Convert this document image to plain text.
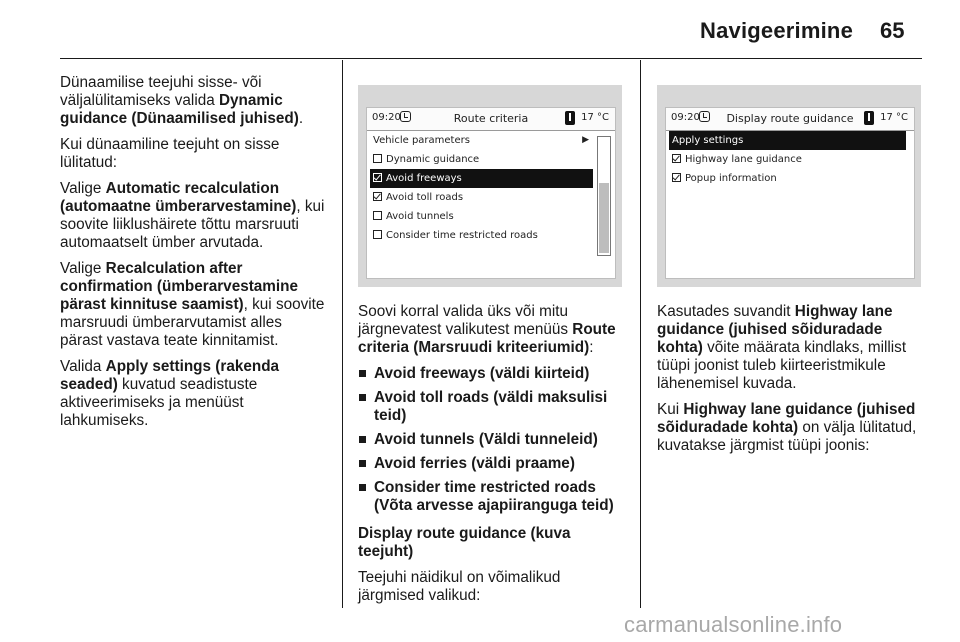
Navigeerimine 65

Dünaamilise teejuhi sisse- või väljalülitamiseks valida Dynamic guidance (Dünaamilised juhised).

Kui dünaamiline teejuht on sisse lülitatud:

Valige Automatic recalculation (automaatne ümberarvestamine), kui soovite liiklushäirete tõttu marsruuti automaatselt ümber arvutada.

Valige Recalculation after confirmation (ümberarvestamine pärast kinnituse saamist), kui soovite marsruudi ümberarvutamist alles pärast vastava teate kinnitamist.

Valida Apply settings (rakenda seaded) kuvatud seadistuste aktiveerimiseks ja menüüst lahkumiseks.

09:20	Route criteria	17 °C
Vehicle parameters	▶
Dynamic guidance
Avoid freeways
Avoid toll roads
Avoid tunnels
Consider time restricted roads
09:20	Display route guidance	17 °C
Apply settings
Highway lane guidance
Popup information

Soovi korral valida üks või mitu järgnevatest valikutest menüüs Route criteria (Marsruudi kriteeriumid):

Avoid freeways (väldi kiirteid)
Avoid toll roads (väldi maksulisi teid)
Avoid tunnels (Väldi tunneleid)
Avoid ferries (väldi praame)
Consider time restricted roads (Võta arvesse ajapiiranguga teid)

Display route guidance (kuva teejuht)

Teejuhi näidikul on võimalikud järgmised valikud:

Kasutades suvandit Highway lane guidance (juhised sõiduradade kohta) võite määrata kindlaks, millist tüüpi joonist tuleb kiirteeristmikule lähenemisel kuvada.

Kui Highway lane guidance (juhised sõiduradade kohta) on välja lülitatud, kuvatakse järgmist tüüpi joonis:

carmanualsonline.info
